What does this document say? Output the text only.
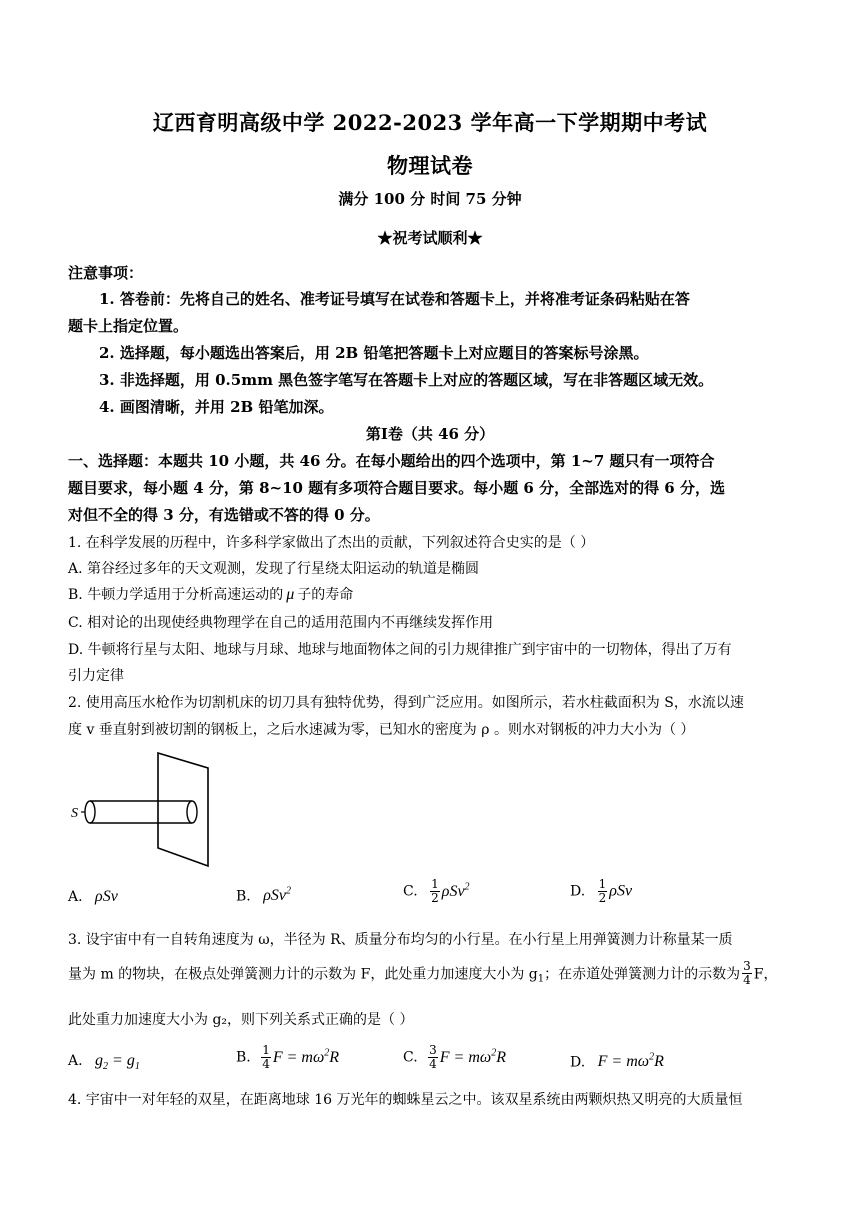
辽西育明高级中学 2022-2023 学年高一下学期期中考试
物理试卷
满分 100 分 时间 75 分钟
★祝考试顺利★
注意事项：
1. 答卷前：先将自己的姓名、准考证号填写在试卷和答题卡上，并将准考证条码粘贴在答
题卡上指定位置。
2. 选择题，每小题选出答案后，用 2B 铅笔把答题卡上对应题目的答案标号涂黑。
3. 非选择题，用 0.5mm 黑色签字笔写在答题卡上对应的答题区域，写在非答题区域无效。
4. 画图清晰，并用 2B 铅笔加深。
第Ⅰ卷（共 46 分）
一、选择题：本题共 10 小题，共 46 分。在每小题给出的四个选项中，第 1~7 题只有一项符合
题目要求，每小题 4 分，第 8~10 题有多项符合题目要求。每小题 6 分，全部选对的得 6 分，选
对但不全的得 3 分，有选错或不答的得 0 分。
1. 在科学发展的历程中，许多科学家做出了杰出的贡献，下列叙述符合史实的是（ ）
A. 第谷经过多年的天文观测，发现了行星绕太阳运动的轨道是椭圆
B. 牛顿力学适用于分析高速运动的 μ 子的寿命
C. 相对论的出现使经典物理学在自己的适用范围内不再继续发挥作用
D. 牛顿将行星与太阳、地球与月球、地球与地面物体之间的引力规律推广到宇宙中的一切物体，得出了万有
引力定律
2. 使用高压水枪作为切割机床的切刀具有独特优势，得到广泛应用。如图所示，若水柱截面积为 S，水流以速
度 v 垂直射到被切割的钢板上，之后水速减为零，已知水的密度为 ρ 。则水对钢板的冲力大小为（ ）
S
A. ρSv	B. ρSv$^2$	C. $\frac{1}{2} \rho Sv^2$	D. $\frac{1}{2}$ ρSv
3. 设宇宙中有一自转角速度为 ω，半径为 R、质量分布均匀的小行星。在小行星上用弹簧测力计称量某一质
量为 m 的物块，在极点处弹簧测力计的示数为 F，此处重力加速度大小为 $g_1$；在赤道处弹簧测力计的示数为 $\frac{3}{4}$ F，
此处重力加速度大小为 g₂，则下列关系式正确的是（ ）
A. $g_2 = g_1$
B. $\frac{1}{4}$ $F = m\omega^2R$	C. $\frac{3}{4}$ $F = m\omega^2R$	D. $F = m\omega^2R$
4. 宇宙中一对年轻的双星，在距离地球 16 万光年的蜘蛛星云之中。该双星系统由两颗炽热又明亮的大质量恒
